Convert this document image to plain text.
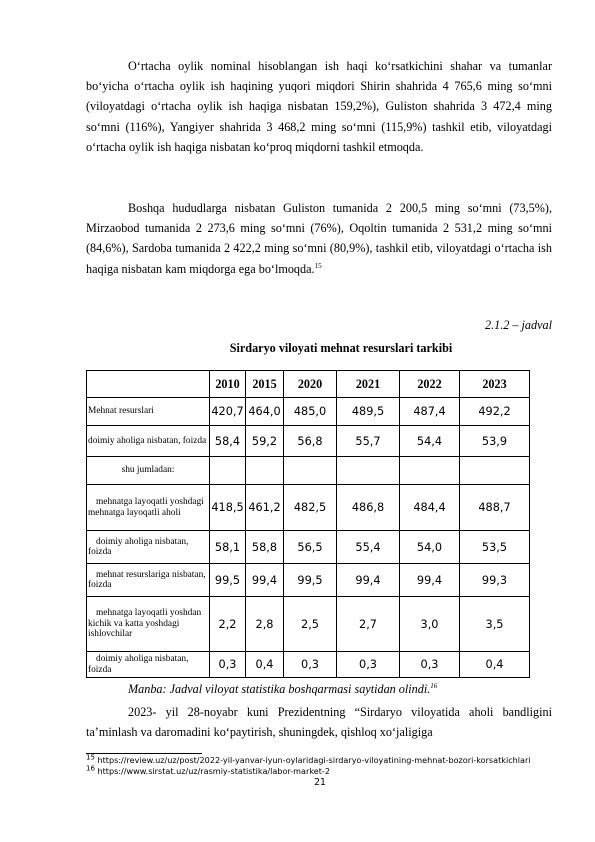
O‘rtacha oylik nominal hisoblangan ish haqi ko‘rsatkichini shahar va tumanlar bo‘yicha o‘rtacha oylik ish haqining yuqori miqdori Shirin shahrida 4 765,6 ming so‘mni (viloyatdagi o‘rtacha oylik ish haqiga nisbatan 159,2%), Guliston shahrida 3 472,4 ming so‘mni (116%), Yangiyer shahrida 3 468,2 ming so‘mni (115,9%) tashkil etib, viloyatdagi o‘rtacha oylik ish haqiga nisbatan ko‘proq miqdorni tashkil etmoqda.

Boshqa hududlarga nisbatan Guliston tumanida 2 200,5 ming so‘mni (73,5%), Mirzaobod tumanida 2 273,6 ming so‘mni (76%), Oqoltin tumanida 2 531,2 ming so‘mni (84,6%), Sardoba tumanida 2 422,2 ming so‘mni (80,9%), tashkil etib, viloyatdagi o‘rtacha ish haqiga nisbatan kam miqdorga ega bo‘lmoqda.$^{15}$

2.1.2 – jadval

Sirdaryo viloyati mehnat resurslari tarkibi

	2010	2015	2020	2021	2022	2023
Mehnat resurslari	420,7	464,0	485,0	489,5	487,4	492,2
doimiy aholiga nisbatan, foizda	58,4	59,2	56,8	55,7	54,4	53,9
shu jumladan:						
mehnatga layoqatli yoshdagi mehnatga layoqatli aholi	418,5	461,2	482,5	486,8	484,4	488,7
doimiy aholiga nisbatan, foizda	58,1	58,8	56,5	55,4	54,0	53,5
mehnat resurslariga nisbatan, foizda	99,5	99,4	99,5	99,4	99,4	99,3
mehnatga layoqatli yoshdan kichik va katta yoshdagi ishlovchilar	2,2	2,8	2,5	2,7	3,0	3,5
doimiy aholiga nisbatan, foizda	0,3	0,4	0,3	0,3	0,3	0,4

Manba: Jadval viloyat statistika boshqarmasi saytidan olindi.$^{16}$

2023- yil 28-noyabr kuni Prezidentning “Sirdaryo viloyatida aholi bandligini ta’minlash va daromadini ko‘paytirish, shuningdek, qishloq xo‘jaligiga

$^{15}$ https://review.uz/uz/post/2022-yil-yanvar-iyun-oylaridagi-sirdaryo-viloyatining-mehnat-bozori-korsatkichlari

$^{16}$ https://www.sirstat.uz/uz/rasmiy-statistika/labor-market-2

21
